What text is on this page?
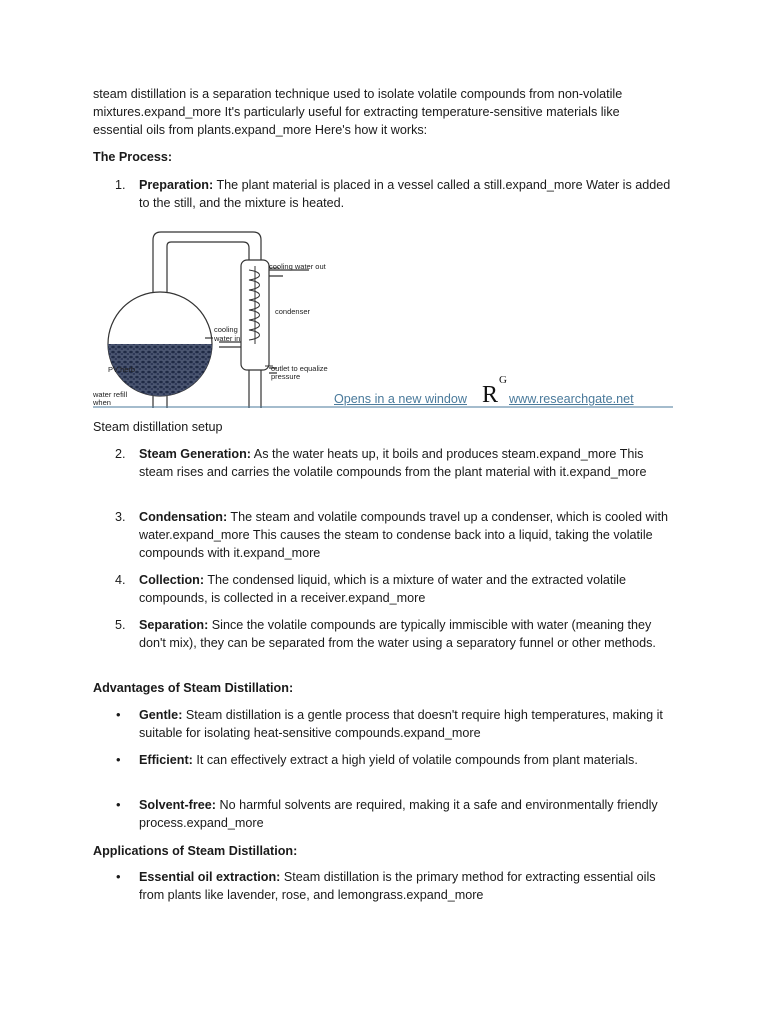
steam distillation is a separation technique used to isolate volatile compounds from non-volatile mixtures.expand_more It's particularly useful for extracting temperature-sensitive materials like essential oils from plants.expand_more Here's how it works:

The Process:

1. Preparation: The plant material is placed in a vessel called a still.expand_more Water is added to the still, and the mixture is heated.

cooling water out
condenser
cooling
water in
PV herb	outlet to equalize
pressure
water refill
when	Opens in a new window $R^G$
www.researchgate.net

Steam distillation setup

2. Steam Generation: As the water heats up, it boils and produces steam.expand_more This steam rises and carries the volatile compounds from the plant material with it.expand_more

3. Condensation: The steam and volatile compounds travel up a condenser, which is cooled with water.expand_more This causes the steam to condense back into a liquid, taking the volatile compounds with it.expand_more

4. Collection: The condensed liquid, which is a mixture of water and the extracted volatile compounds, is collected in a receiver.expand_more

5. Separation: Since the volatile compounds are typically immiscible with water (meaning they don't mix), they can be separated from the water using a separatory funnel or other methods.

Advantages of Steam Distillation:

• Gentle: Steam distillation is a gentle process that doesn't require high temperatures, making it suitable for isolating heat-sensitive compounds.expand_more

• Efficient: It can effectively extract a high yield of volatile compounds from plant materials.

• Solvent-free: No harmful solvents are required, making it a safe and environmentally friendly process.expand_more

Applications of Steam Distillation:

• Essential oil extraction: Steam distillation is the primary method for extracting essential oils from plants like lavender, rose, and lemongrass.expand_more
